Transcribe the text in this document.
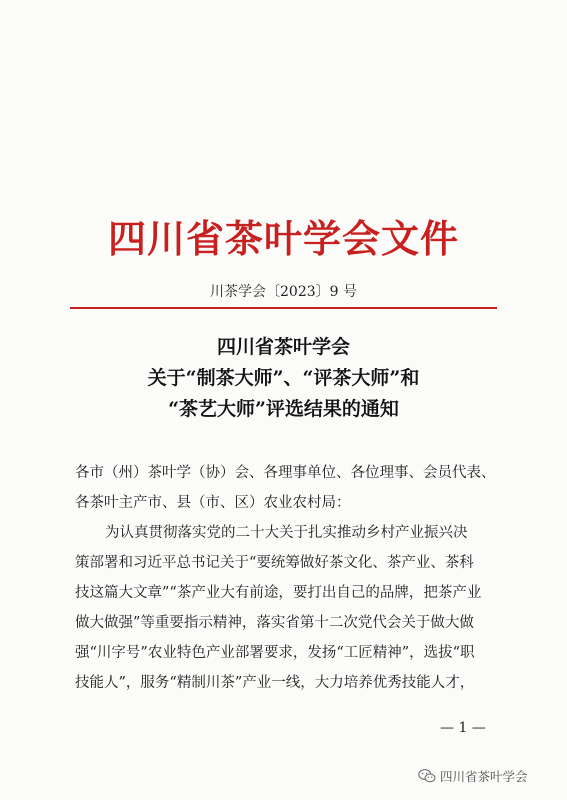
四川省茶叶学会文件
川茶学会〔2023〕9 号
四川省茶叶学会
关于“制茶大师”、“评茶大师”和
“茶艺大师”评选结果的通知
各市（州）茶叶学（协）会、各理事单位、各位理事、会员代表、
各茶叶主产市、县（市、区）农业农村局：
为认真贯彻落实党的二十大关于扎实推动乡村产业振兴决
策部署和习近平总书记关于“要统筹做好茶文化、茶产业、茶科
技这篇大文章”“茶产业大有前途，要打出自己的品牌，把茶产业
做大做强”等重要指示精神，落实省第十二次党代会关于做大做
强“川字号”农业特色产业部署要求，发扬“工匠精神”，选拔“职
技能人”，服务“精制川茶”产业一线，大力培养优秀技能人才，
— 1 —
四川省茶叶学会
